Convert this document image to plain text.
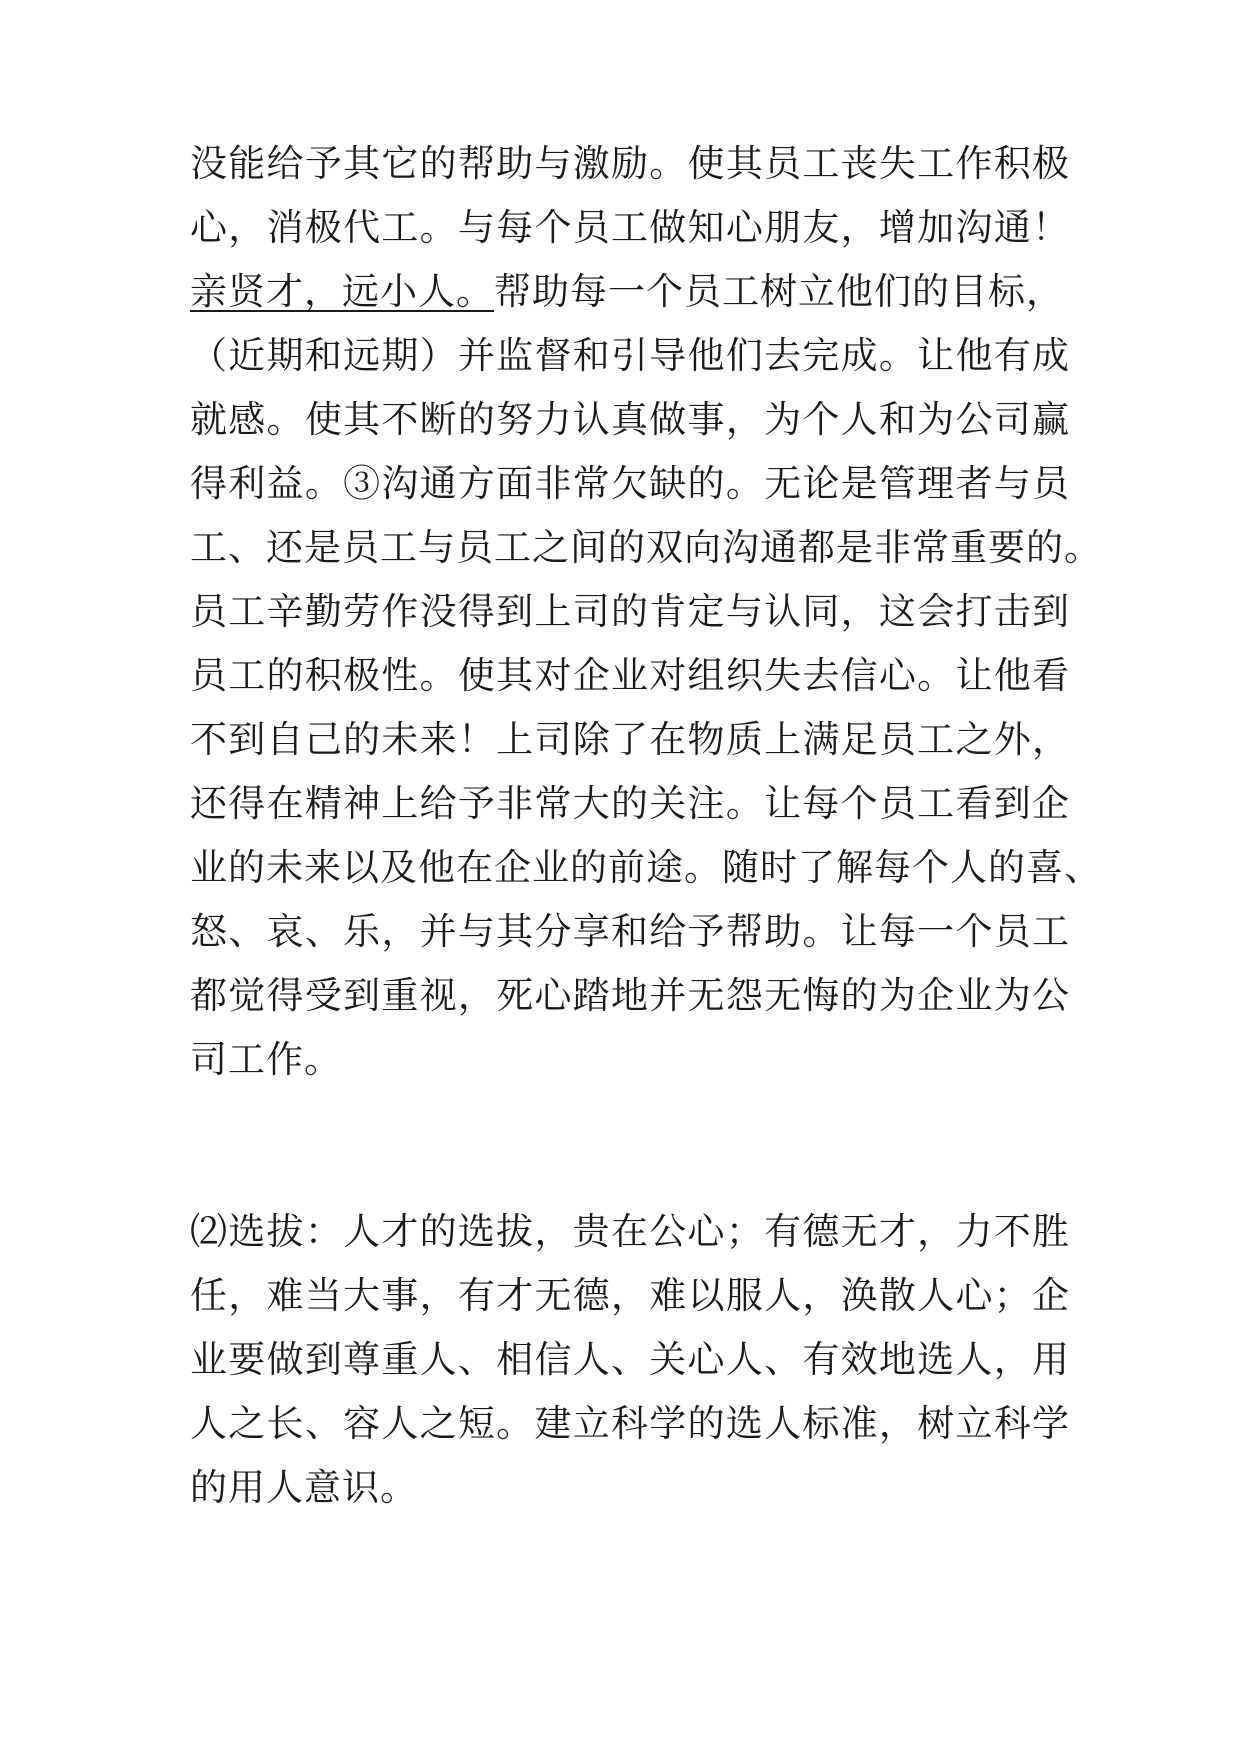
没能给予其它的帮助与激励。使其员工丧失工作积极
心，消极代工。与每个员工做知心朋友，增加沟通！
亲贤才，远小人。帮助每一个员工树立他们的目标，
（近期和远期）并监督和引导他们去完成。让他有成
就感。使其不断的努力认真做事，为个人和为公司赢
得利益。③沟通方面非常欠缺的。无论是管理者与员
工、还是员工与员工之间的双向沟通都是非常重要的。
员工辛勤劳作没得到上司的肯定与认同，这会打击到
员工的积极性。使其对企业对组织失去信心。让他看
不到自己的未来！上司除了在物质上满足员工之外，
还得在精神上给予非常大的关注。让每个员工看到企
业的未来以及他在企业的前途。随时了解每个人的喜、
怒、哀、乐，并与其分享和给予帮助。让每一个员工
都觉得受到重视，死心踏地并无怨无悔的为企业为公
司工作。
⑵选拔：人才的选拔，贵在公心；有德无才，力不胜
任，难当大事，有才无德，难以服人，涣散人心；企
业要做到尊重人、相信人、关心人、有效地选人，用
人之长、容人之短。建立科学的选人标准，树立科学
的用人意识。
